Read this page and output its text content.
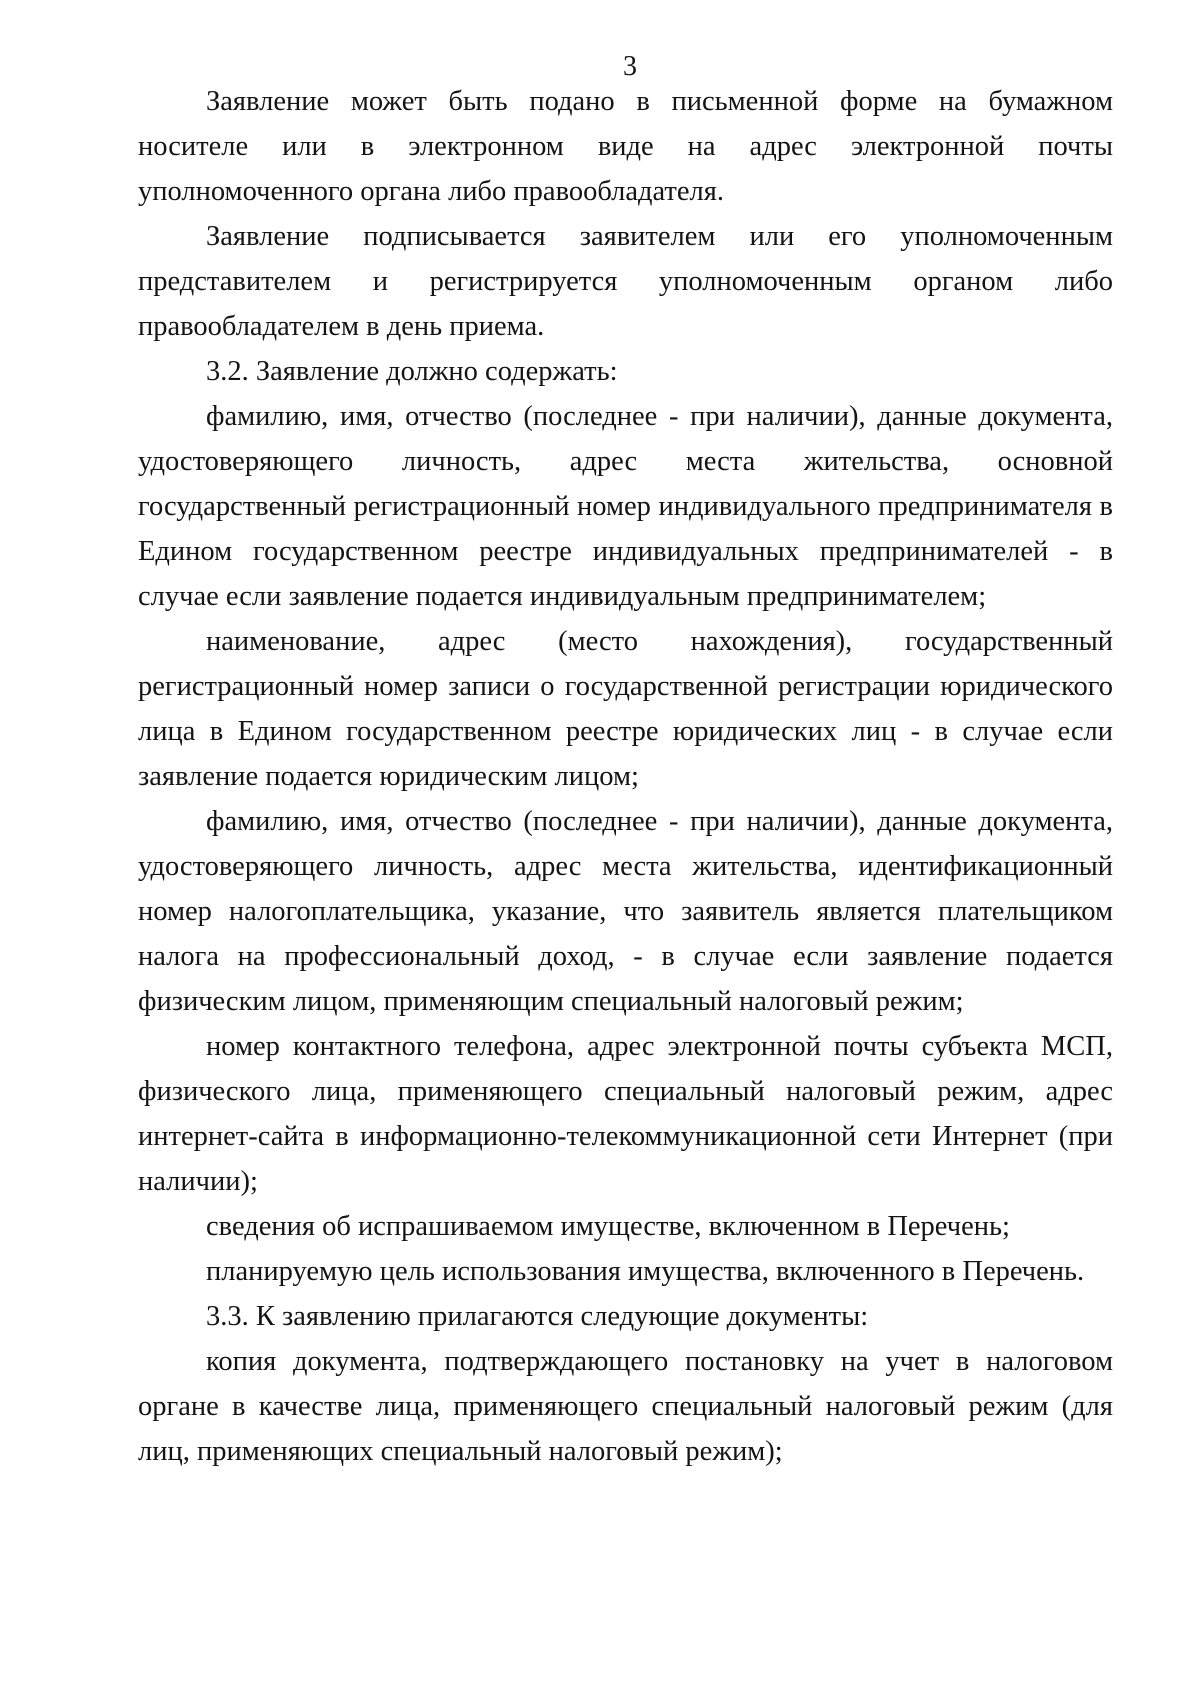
3

Заявление может быть подано в письменной форме на бумажном носителе или в электронном виде на адрес электронной почты уполномоченного органа либо правообладателя.

Заявление подписывается заявителем или его уполномоченным представителем и регистрируется уполномоченным органом либо правообладателем в день приема.

3.2. Заявление должно содержать:

фамилию, имя, отчество (последнее - при наличии), данные документа, удостоверяющего личность, адрес места жительства, основной государственный регистрационный номер индивидуального предпринимателя в Едином государственном реестре индивидуальных предпринимателей - в случае если заявление подается индивидуальным предпринимателем;

наименование, адрес (место нахождения), государственный регистрационный номер записи о государственной регистрации юридического лица в Едином государственном реестре юридических лиц - в случае если заявление подается юридическим лицом;

фамилию, имя, отчество (последнее - при наличии), данные документа, удостоверяющего личность, адрес места жительства, идентификационный номер налогоплательщика, указание, что заявитель является плательщиком налога на профессиональный доход, - в случае если заявление подается физическим лицом, применяющим специальный налоговый режим;

номер контактного телефона, адрес электронной почты субъекта МСП, физического лица, применяющего специальный налоговый режим, адрес интернет-сайта в информационно-телекоммуникационной сети Интернет (при наличии);

сведения об испрашиваемом имуществе, включенном в Перечень;

планируемую цель использования имущества, включенного в Перечень.

3.3. К заявлению прилагаются следующие документы:

копия документа, подтверждающего постановку на учет в налоговом органе в качестве лица, применяющего специальный налоговый режим (для лиц, применяющих специальный налоговый режим);
